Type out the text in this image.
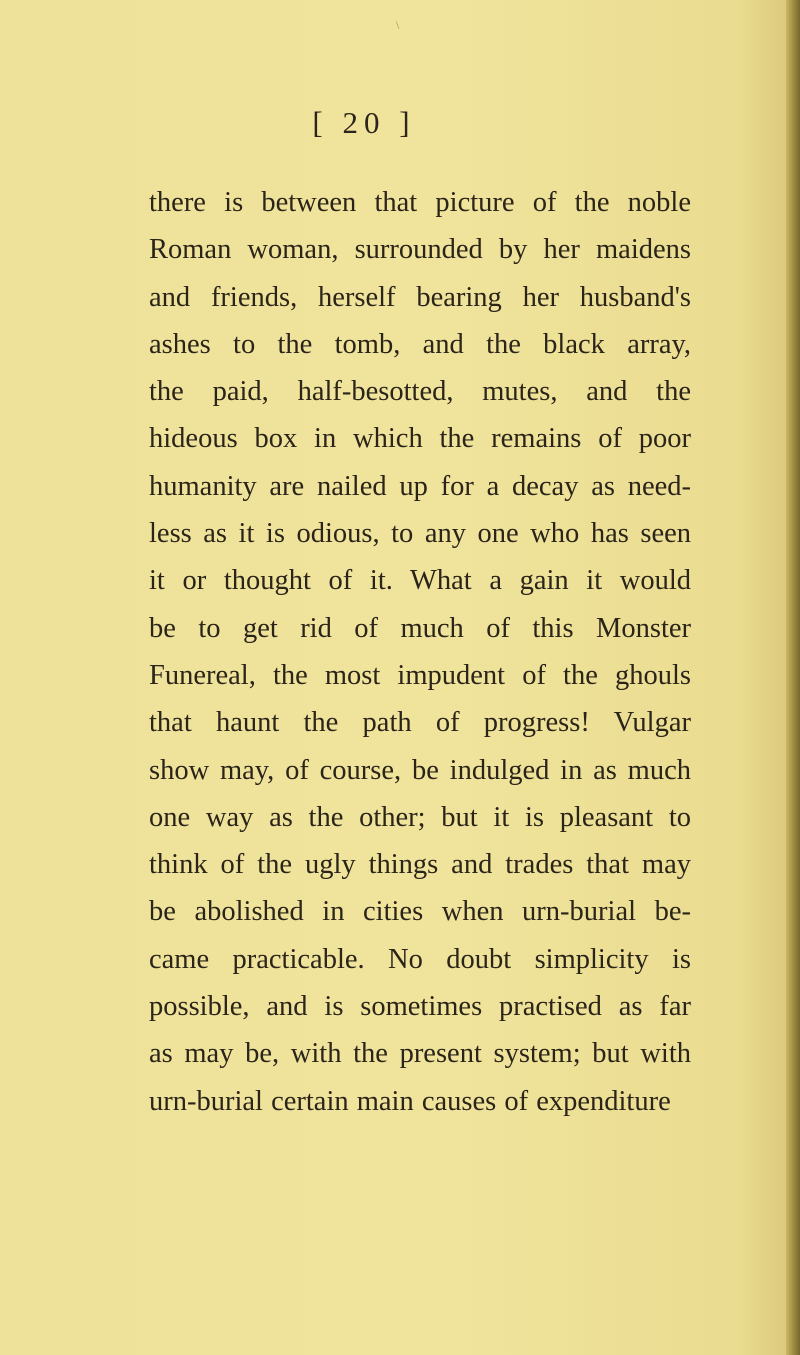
\
[ 20 ]
there is between that picture of the noble
Roman woman, surrounded by her maidens
and friends, herself bearing her husband's
ashes to the tomb, and the black array,
the paid, half-besotted, mutes, and the
hideous box in which the remains of poor
humanity are nailed up for a decay as need-
less as it is odious, to any one who has seen
it or thought of it. What a gain it would
be to get rid of much of this Monster
Funereal, the most impudent of the ghouls
that haunt the path of progress! Vulgar
show may, of course, be indulged in as much
one way as the other; but it is pleasant to
think of the ugly things and trades that may
be abolished in cities when urn-burial be-
came practicable. No doubt simplicity is
possible, and is sometimes practised as far
as may be, with the present system; but with
urn-burial certain main causes of expenditure
